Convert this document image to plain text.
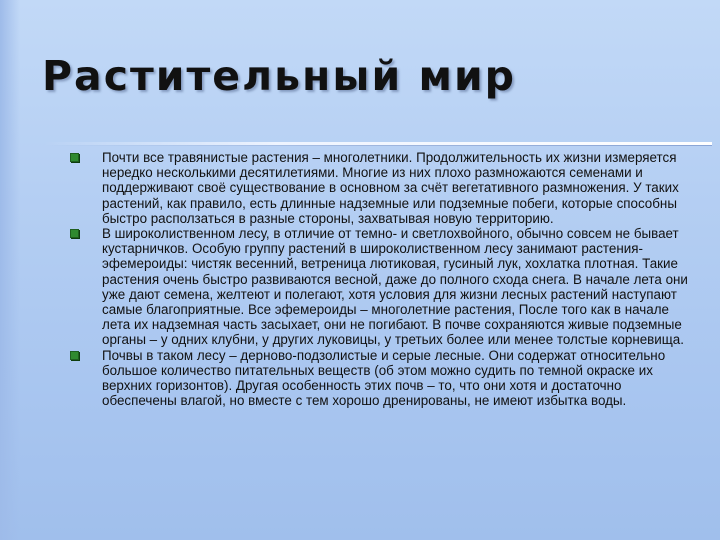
Растительный мир
Почти все травянистые растения – многолетники. Продолжительность их жизни измеряется нередко несколькими десятилетиями. Многие из них плохо размножаются семенами и поддерживают своё существование в основном за счёт вегетативного размножения. У таких растений, как правило, есть длинные надземные или подземные побеги, которые способны быстро расползаться в разные стороны, захватывая новую территорию.
В широколиственном лесу, в отличие от темно- и светлохвойного, обычно совсем не бывает кустарничков. Особую группу растений в широколиственном лесу занимают растения-эфемероиды: чистяк весенний, ветреница лютиковая, гусиный лук, хохлатка плотная. Такие растения очень быстро развиваются весной, даже до полного схода снега. В начале лета они уже дают семена, желтеют и полегают, хотя условия для жизни лесных растений наступают самые благоприятные. Все эфемероиды – многолетние растения, После того как в начале лета их надземная часть засыхает, они не погибают. В почве сохраняются живые подземные органы – у одних клубни, у других луковицы, у третьих более или менее толстые корневища.
Почвы в таком лесу – дерново-подзолистые и серые лесные. Они содержат относительно большое количество питательных веществ (об этом можно судить по темной окраске их верхних горизонтов). Другая особенность этих почв – то, что они хотя и достаточно обеспечены влагой, но вместе с тем хорошо дренированы, не имеют избытка воды.
